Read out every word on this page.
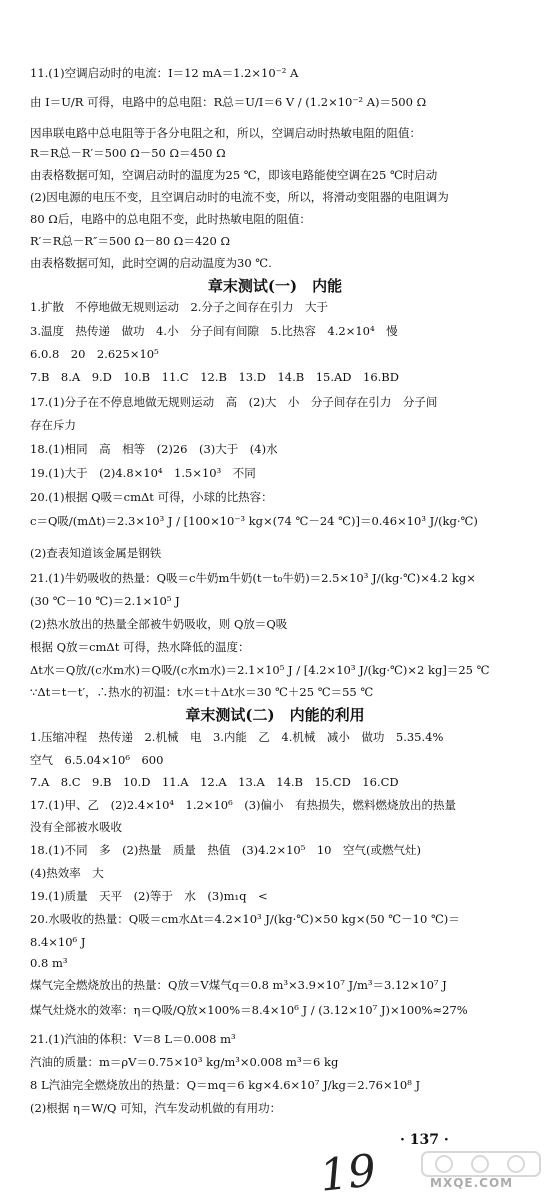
11.(1)空调启动时的电流：I＝12 mA＝1.2×10⁻² A
由 I＝U/R 可得，电路中的总电阻：R总＝U/I＝6 V / (1.2×10⁻² A)＝500 Ω
因串联电路中总电阻等于各分电阻之和，所以，空调启动时热敏电阻的阻值：
R＝R总－R′＝500 Ω－50 Ω＝450 Ω
由表格数据可知，空调启动时的温度为25 ℃，即该电路能使空调在25 ℃时启动
(2)因电源的电压不变，且空调启动时的电流不变，所以，将滑动变阻器的电阻调为
80 Ω后，电路中的总电阻不变，此时热敏电阻的阻值：
R′＝R总－R″＝500 Ω－80 Ω＝420 Ω
由表格数据可知，此时空调的启动温度为30 ℃.
章末测试(一)　内能
1.扩散　不停地做无规则运动　2.分子之间存在引力　大于
3.温度　热传递　做功　4.小　分子间有间隙　5.比热容　4.2×10⁴　慢
6.0.8　20　2.625×10⁵
7.B　8.A　9.D　10.B　11.C　12.B　13.D　14.B　15.AD　16.BD
17.(1)分子在不停息地做无规则运动　高　(2)大　小　分子间存在引力　分子间
存在斥力
18.(1)相同　高　相等　(2)26　(3)大于　(4)水
19.(1)大于　(2)4.8×10⁴　1.5×10³　不同
20.(1)根据 Q吸＝cmΔt 可得，小球的比热容：
c＝Q吸/(mΔt)＝2.3×10³ J / [100×10⁻³ kg×(74 ℃－24 ℃)]＝0.46×10³ J/(kg·℃)
(2)查表知道该金属是钢铁
21.(1)牛奶吸收的热量：Q吸＝c牛奶m牛奶(t－t₀牛奶)＝2.5×10³ J/(kg·℃)×4.2 kg×
(30 ℃－10 ℃)＝2.1×10⁵ J
(2)热水放出的热量全部被牛奶吸收，则 Q放＝Q吸
根据 Q放＝cmΔt 可得，热水降低的温度：
Δt水＝Q放/(c水m水)＝Q吸/(c水m水)＝2.1×10⁵ J / [4.2×10³ J/(kg·℃)×2 kg]＝25 ℃
∵Δt＝t－t′，∴热水的初温：t水＝t＋Δt水＝30 ℃＋25 ℃＝55 ℃
章末测试(二)　内能的利用
1.压缩冲程　热传递　2.机械　电　3.内能　乙　4.机械　减小　做功　5.35.4%
空气　6.5.04×10⁶　600
7.A　8.C　9.B　10.D　11.A　12.A　13.A　14.B　15.CD　16.CD
17.(1)甲、乙　(2)2.4×10⁴　1.2×10⁶　(3)偏小　有热损失，燃料燃烧放出的热量
没有全部被水吸收
18.(1)不同　多　(2)热量　质量　热值　(3)4.2×10⁵　10　空气(或燃气灶)
(4)热效率　大
19.(1)质量　天平　(2)等于　水　(3)m₁q　<
20.水吸收的热量：Q吸＝cm水Δt＝4.2×10³ J/(kg·℃)×50 kg×(50 ℃－10 ℃)＝
8.4×10⁶ J
0.8 m³
煤气完全燃烧放出的热量：Q放＝V煤气q＝0.8 m³×3.9×10⁷ J/m³＝3.12×10⁷ J
煤气灶烧水的效率：η＝Q吸/Q放×100%＝8.4×10⁶ J / (3.12×10⁷ J)×100%≈27%
21.(1)汽油的体积：V＝8 L＝0.008 m³
汽油的质量：m＝ρV＝0.75×10³ kg/m³×0.008 m³＝6 kg
8 L汽油完全燃烧放出的热量：Q＝mq＝6 kg×4.6×10⁷ J/kg＝2.76×10⁸ J
(2)根据 η＝W/Q 可知，汽车发动机做的有用功：
· 137 ·
19	MXQE.COM
